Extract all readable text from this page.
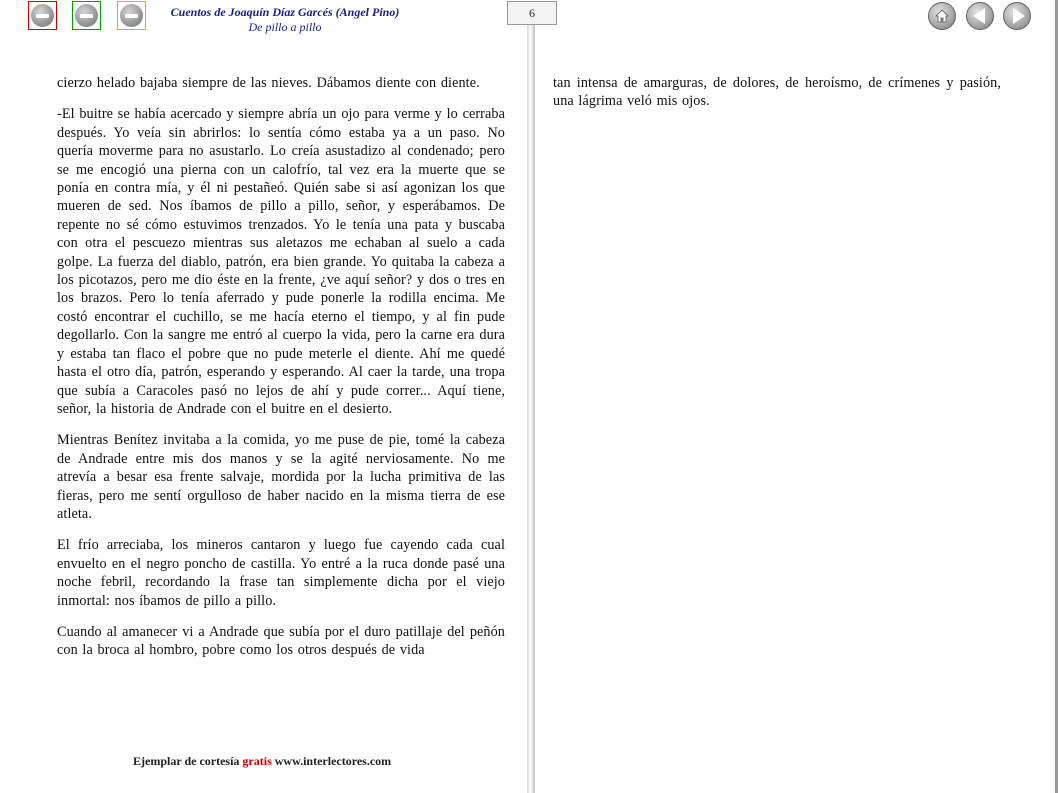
Cuentos de Joaquín Díaz Garcés (Angel Pino)
De pillo a pillo
6

cierzo helado bajaba siempre de las nieves. Dábamos diente con diente.

-El buitre se había acercado y siempre abría un ojo para verme y lo cerraba después. Yo veía sin abrirlos: lo sentía cómo estaba ya a un paso. No quería moverme para no asustarlo. Lo creía asustadizo al condenado; pero se me encogió una pierna con un calofrío, tal vez era la muerte que se ponía en contra mía, y él ni pestañeó. Quién sabe si así agonizan los que mueren de sed. Nos íbamos de pillo a pillo, señor, y esperábamos. De repente no sé cómo estuvimos trenzados. Yo le tenía una pata y buscaba con otra el pescuezo mientras sus aletazos me echaban al suelo a cada golpe. La fuerza del diablo, patrón, era bien grande. Yo quitaba la cabeza a los picotazos, pero me dio éste en la frente, ¿ve aquí señor? y dos o tres en los brazos. Pero lo tenía aferrado y pude ponerle la rodilla encima. Me costó encontrar el cuchillo, se me hacía eterno el tiempo, y al fin pude degollarlo. Con la sangre me entró al cuerpo la vida, pero la carne era dura y estaba tan flaco el pobre que no pude meterle el diente. Ahí me quedé hasta el otro día, patrón, esperando y esperando. Al caer la tarde, una tropa que subía a Caracoles pasó no lejos de ahí y pude correr... Aquí tiene, señor, la historia de Andrade con el buitre en el desierto.

Mientras Benítez invitaba a la comida, yo me puse de pie, tomé la cabeza de Andrade entre mis dos manos y se la agité nerviosamente. No me atrevía a besar esa frente salvaje, mordida por la lucha primitiva de las fieras, pero me sentí orgulloso de haber nacido en la misma tierra de ese atleta.

El frío arreciaba, los mineros cantaron y luego fue cayendo cada cual envuelto en el negro poncho de castilla. Yo entré a la ruca donde pasé una noche febril, recordando la frase tan simplemente dicha por el viejo inmortal: nos íbamos de pillo a pillo.

Cuando al amanecer vi a Andrade que subía por el duro patillaje del peñón con la broca al hombro, pobre como los otros después de vida

tan intensa de amarguras, de dolores, de heroísmo, de crímenes y pasión, una lágrima veló mis ojos.

Ejemplar de cortesía gratis www.interlectores.com
